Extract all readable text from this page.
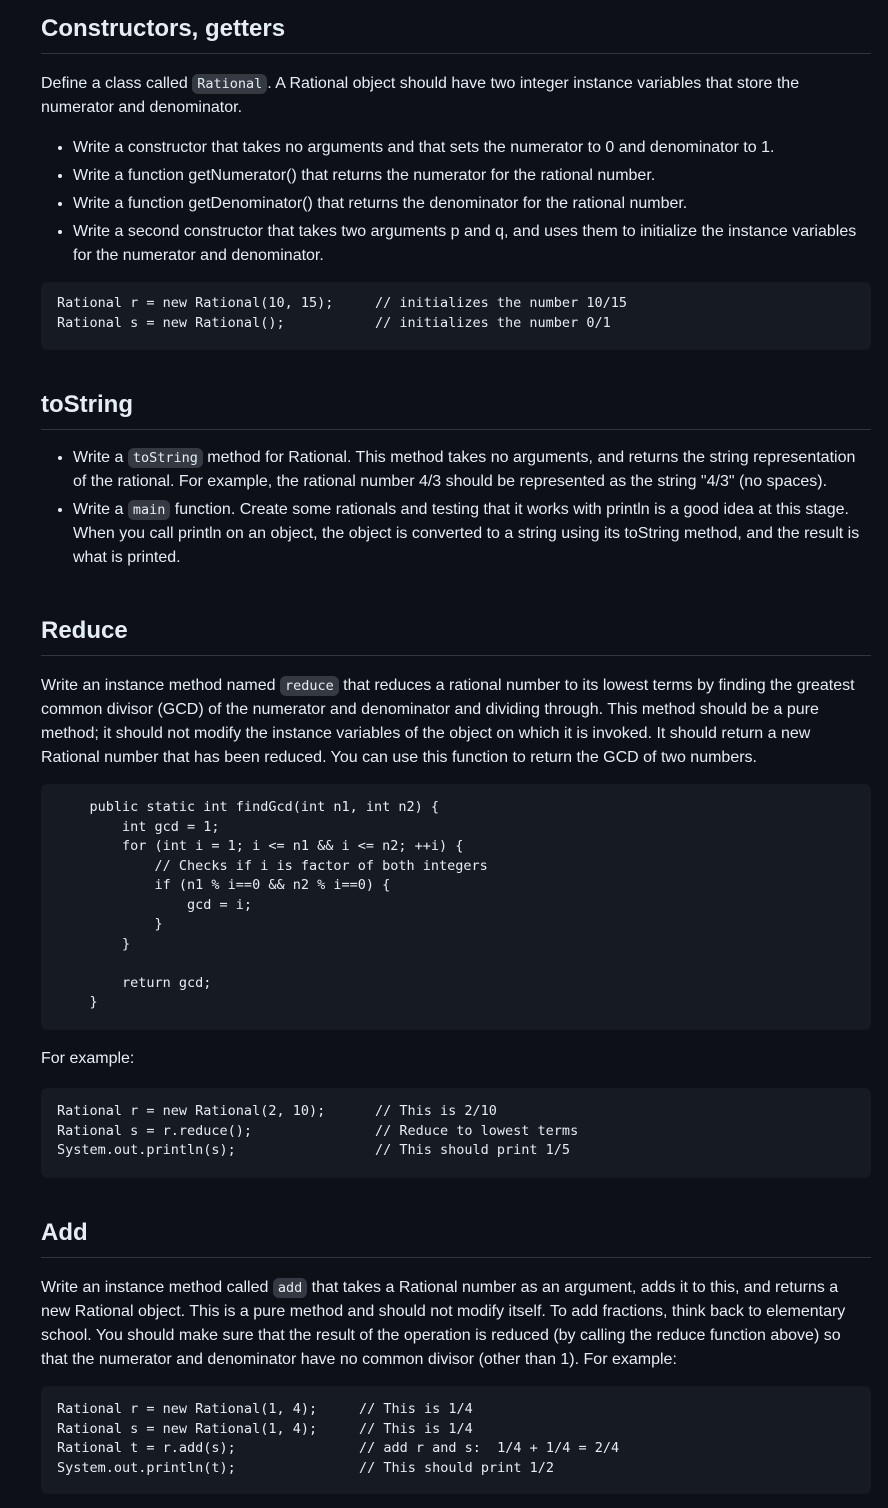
Constructors, getters

Define a class called Rational . A Rational object should have two integer instance variables that store the numerator and denominator.

• Write a constructor that takes no arguments and that sets the numerator to 0 and denominator to 1.
• Write a function getNumerator() that returns the numerator for the rational number.
• Write a function getDenominator() that returns the denominator for the rational number.
• Write a second constructor that takes two arguments p and q, and uses them to initialize the instance variables for the numerator and denominator.
Rational r = new Rational(10, 15);	// initializes the number 10/15
Rational s = new Rational();	// initializes the number 0/1
toString
• Write a toString method for Rational. This method takes no arguments, and returns the string representation of the rational. For example, the rational number 4/3 should be represented as the string "4/3" (no spaces).
• Write a main function. Create some rationals and testing that it works with println is a good idea at this stage. When you call println on an object, the object is converted to a string using its toString method, and the result is what is printed.
Reduce

Write an instance method named reduce that reduces a rational number to its lowest terms by finding the greatest common divisor (GCD) of the numerator and denominator and dividing through. This method should be a pure method; it should not modify the instance variables of the object on which it is invoked. It should return a new Rational number that has been reduced. You can use this function to return the GCD of two numbers.

public static int findGcd(int n1, int n2) {
int gcd = 1;
for (int i = 1; i <= n1 && i <= n2; ++i) {
// Checks if i is factor of both integers
if (n1 % i==0 && n2 % i==0) {
gcd = i;
}
}
return gcd;
}

For example:

Rational r = new Rational(2, 10);	// This is 2/10
Rational s = r.reduce();	// Reduce to lowest terms
System.out.println(s);	// This should print 1/5
Add

Write an instance method called add that takes a Rational number as an argument, adds it to this, and returns a new Rational object. This is a pure method and should not modify itself. To add fractions, think back to elementary school. You should make sure that the result of the operation is reduced (by calling the reduce function above) so that the numerator and denominator have no common divisor (other than 1). For example:

Rational r = new Rational(1, 4);	// This is 1/4
Rational s = new Rational(1, 4);	// This is 1/4
Rational t = r.add(s);	// add r and s:  1/4 + 1/4 = 2/4
System.out.println(t);	// This should print 1/2
